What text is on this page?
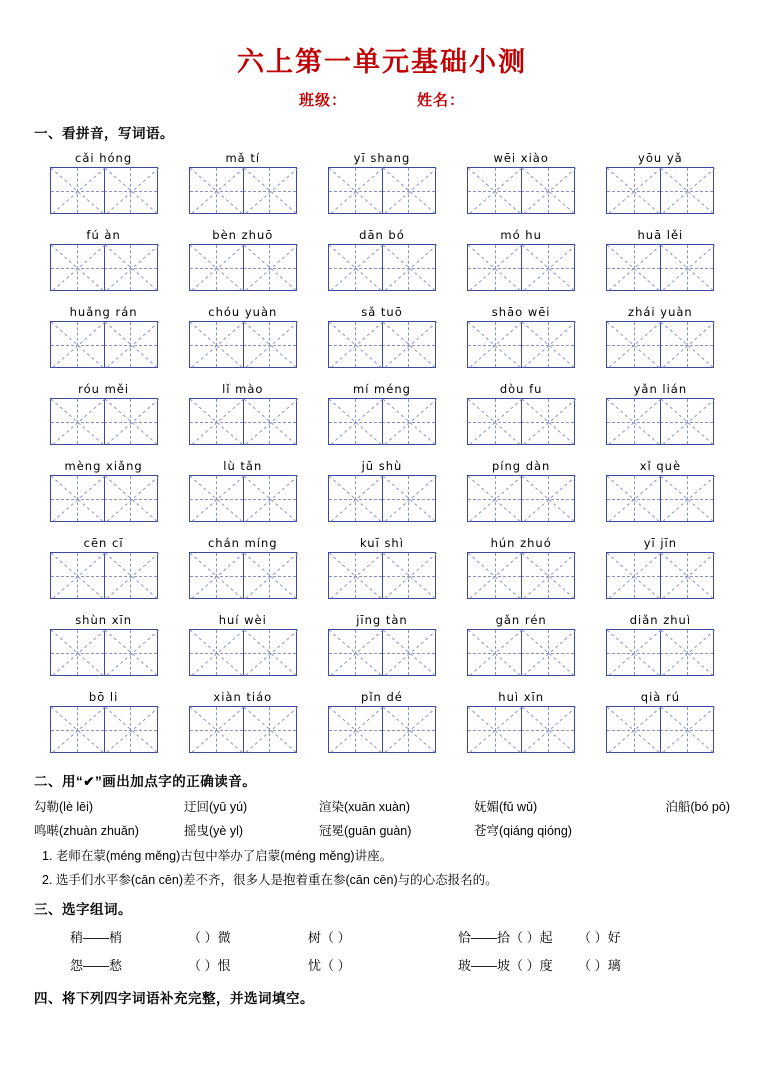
六上第一单元基础小测
班级：	姓名：
一、看拼音，写词语。
cǎi hóng	mǎ tí	yī shang	wēi xiào	yōu yǎ

fú àn	bèn zhuō	dān bó	mó hu	huā lěi

huǎng rán	chóu yuàn	sǎ tuō	shāo wēi	zhái yuàn

róu měi	lǐ mào	mí méng	dòu fu	yǎn lián

mèng xiǎng	lù tǎn	jū shù	píng dàn	xǐ què

cēn cī	chán míng	kuī shì	hún zhuó	yī jīn

shùn xīn	huí wèi	jīng tàn	gǎn rén	diǎn zhuì

bō li	xiàn tiáo	pǐn dé	huì xīn	qià rú

二、用“✔”画出加点字的正确读音。
勾勒(lè lēi)	迂回(yū yú)	渲染(xuān xuàn)	妩媚(fǔ wǔ)	泊船(bó pō)
鸣啭(zhuàn zhuǎn)	摇曳(yè yl)	冠冕(guān guàn)	苍穹(qiáng qióng)
1. 老师在蒙(méng měng)古包中举办了启蒙(méng měng)讲座。
2. 选手们水平参(cān cēn)差不齐，很多人是抱着重在参(cān cēn)与的心态报名的。
三、选字组词。
稍——梢	（ ）微	树（ ）	恰——拾（ ）起	（ ）好
怨——愁	（ ）恨	忧（ ）	玻——坡（ ）度	（ ）璃
四、将下列四字词语补充完整，并选词填空。
